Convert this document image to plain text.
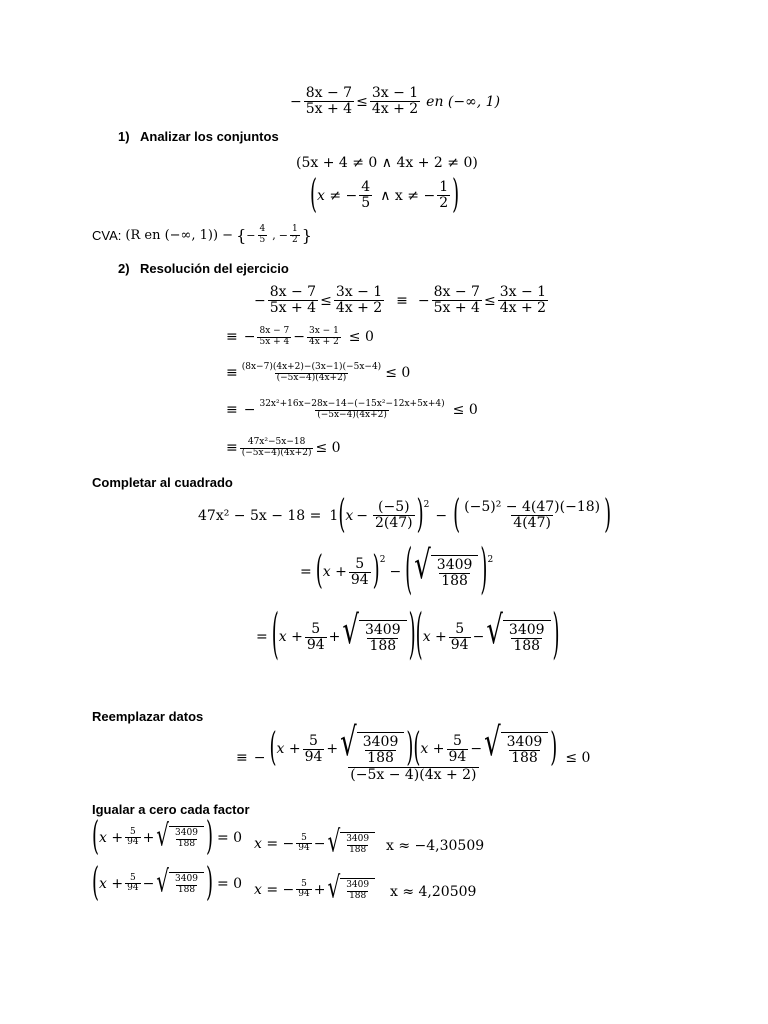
− $\frac{8x - 7}{5x + 4} \le \frac{3x - 1}{4x + 2}$ en (−∞, 1)
1) Analizar los conjuntos
(5x + 4 ≠ 0 ∧ 4x + 2 ≠ 0)
( x ≠ − $\frac{4}{5}$ ∧ x ≠ − $\frac{1}{2}$ )
CVA: (R en (−∞, 1)) − { − $\frac{4}{5}$ , − $\frac{1}{2}$ }
2) Resolución del ejercicio
− $\frac{8x - 7}{5x + 4} \le \frac{3x - 1}{4x + 2}$ ≡ − $\frac{8x - 7}{5x + 4} \le \frac{3x - 1}{4x + 2}$
≡ − $\frac{8x - 7}{5x + 4} - \frac{3x - 1}{4x + 2} \le 0$
≡ $\frac{(8x-7)(4x+2)-(3x-1)(-5x-4)}{(-5x-4)(4x+2)} \le 0$
≡ − $\frac{\text{32x²+16x−28x−14−(−15x²−12x+5x+4)}}{(-5x-4)(4x+2)} \le 0$
≡ $\frac{\text{47x²−5x−18}}{(-5x-4)(4x+2)} \le 0$
Completar al cuadrado
47x² − 5x − 18 = 1 ( $x - \frac{(-5)}{2(47)} )^2$
− ( $\frac{\text{(−5)² − 4(47)(−18)}}{4(47)}$ )
= ( $x + \frac{5}{94} )^2$
− ( √ $\frac{3409}{188} )^2$
= ( $x + \frac{5}{94}$ + √ $\frac{3409}{188}$ ) ( $x + \frac{5}{94}$ − √ $\frac{3409}{188}$ )
Reemplazar datos
≡ − ( $x + \frac{5}{94}$ + √ $\frac{3409}{188}$ ) ( $x + \frac{5}{94}$ − √ $\frac{3409}{188}$ )
(−5x − 4)(4x + 2)
≤ 0
Igualar a cero cada factor
( $x + \frac{5}{94}$ + √ $\frac{3409}{188}$ ) = 0 x = − $\frac{5}{94}$ − √ $\frac{3409}{188}$ x ≈ −4,30509
( $x + \frac{5}{94}$ − √ $\frac{3409}{188}$ ) = 0 x = − $\frac{5}{94}$ + √ $\frac{3409}{188}$ x ≈ 4,20509
